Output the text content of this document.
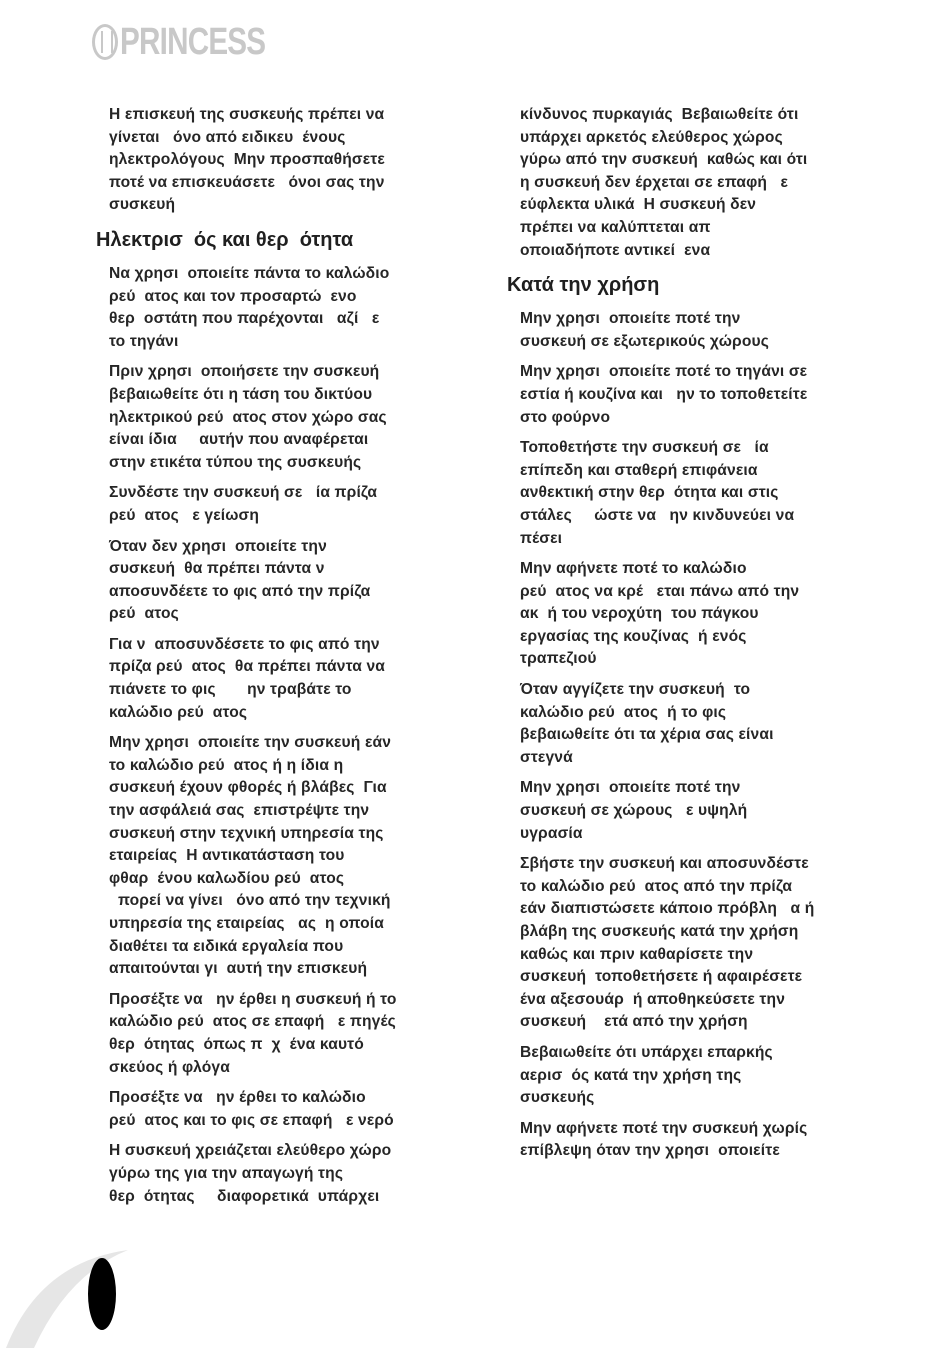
PRINCESS
Η επισκευή της συσκευής πρέπει να
γίνεται   όνο από ειδικευ  ένους
ηλεκτρολόγους  Μην προσπαθήσετε
ποτέ να επισκευάσετε   όνοι σας την
συσκευή
Ηλεκτρισ  ός και θερ  ότητα
Να χρησι  οποιείτε πάντα το καλώδιο
ρεύ  ατος και τον προσαρτώ  ενο
θερ  οστάτη που παρέχονται   αζί   ε
το τηγάνι
Πριν χρησι  οποιήσετε την συσκευή
βεβαιωθείτε ότι η τάση του δικτύου
ηλεκτρικού ρεύ  ατος στον χώρο σας
είναι ίδια     αυτήν που αναφέρεται
στην ετικέτα τύπου της συσκευής
Συνδέστε την συσκευή σε   ία πρίζα
ρεύ  ατος   ε γείωση
Όταν δεν χρησι  οποιείτε την
συσκευή  θα πρέπει πάντα ν
αποσυνδέετε το φις από την πρίζα
ρεύ  ατος
Για ν  αποσυνδέσετε το φις από την
πρίζα ρεύ  ατος  θα πρέπει πάντα να
πιάνετε το φις       ην τραβάτε το
καλώδιο ρεύ  ατος
Μην χρησι  οποιείτε την συσκευή εάν
το καλώδιο ρεύ  ατος ή η ίδια η
συσκευή έχουν φθορές ή βλάβες  Για
την ασφάλειά σας  επιστρέψτε την
συσκευή στην τεχνική υπηρεσία της
εταιρείας  Η αντικατάσταση του
φθαρ  ένου καλωδίου ρεύ  ατος
πορεί να γίνει   όνο από την τεχνική
υπηρεσία της εταιρείας   ας  η οποία
διαθέτει τα ειδικά εργαλεία που
απαιτούνται γι  αυτή την επισκευή
Προσέξτε να   ην έρθει η συσκευή ή το
καλώδιο ρεύ  ατος σε επαφή   ε πηγές
θερ  ότητας  όπως π  χ  ένα καυτό
σκεύος ή φλόγα
Προσέξτε να   ην έρθει το καλώδιο
ρεύ  ατος και το φις σε επαφή   ε νερό
Η συσκευή χρειάζεται ελεύθερο χώρο
γύρω της για την απαγωγή της
θερ  ότητας     διαφορετικά  υπάρχει
κίνδυνος πυρκαγιάς  Βεβαιωθείτε ότι
υπάρχει αρκετός ελεύθερος χώρος
γύρω από την συσκευή  καθώς και ότι
η συσκευή δεν έρχεται σε επαφή   ε
εύφλεκτα υλικά  Η συσκευή δεν
πρέπει να καλύπτεται απ
οποιαδήποτε αντικεί  ενα
Κατά την χρήση
Μην χρησι  οποιείτε ποτέ την
συσκευή σε εξωτερικούς χώρους
Μην χρησι  οποιείτε ποτέ το τηγάνι σε
εστία ή κουζίνα και   ην το τοποθετείτε
στο φούρνο
Τοποθετήστε την συσκευή σε   ία
επίπεδη και σταθερή επιφάνεια
ανθεκτική στην θερ  ότητα και στις
στάλες     ώστε να   ην κινδυνεύει να
πέσει
Μην αφήνετε ποτέ το καλώδιο
ρεύ  ατος να κρέ   εται πάνω από την
ακ  ή του νεροχύτη  του πάγκου
εργασίας της κουζίνας  ή ενός
τραπεζιού
Όταν αγγίζετε την συσκευή  το
καλώδιο ρεύ  ατος  ή το φις
βεβαιωθείτε ότι τα χέρια σας είναι
στεγνά
Μην χρησι  οποιείτε ποτέ την
συσκευή σε χώρους   ε υψηλή
υγρασία
Σβήστε την συσκευή και αποσυνδέστε
το καλώδιο ρεύ  ατος από την πρίζα
εάν διαπιστώσετε κάποιο πρόβλη   α ή
βλάβη της συσκευής κατά την χρήση
καθώς και πριν καθαρίσετε την
συσκευή  τοποθετήσετε ή αφαιρέσετε
ένα αξεσουάρ  ή αποθηκεύσετε την
συσκευή    ετά από την χρήση
Βεβαιωθείτε ότι υπάρχει επαρκής
αερισ  ός κατά την χρήση της
συσκευής
Μην αφήνετε ποτέ την συσκευή χωρίς
επίβλεψη όταν την χρησι  οποιείτε
